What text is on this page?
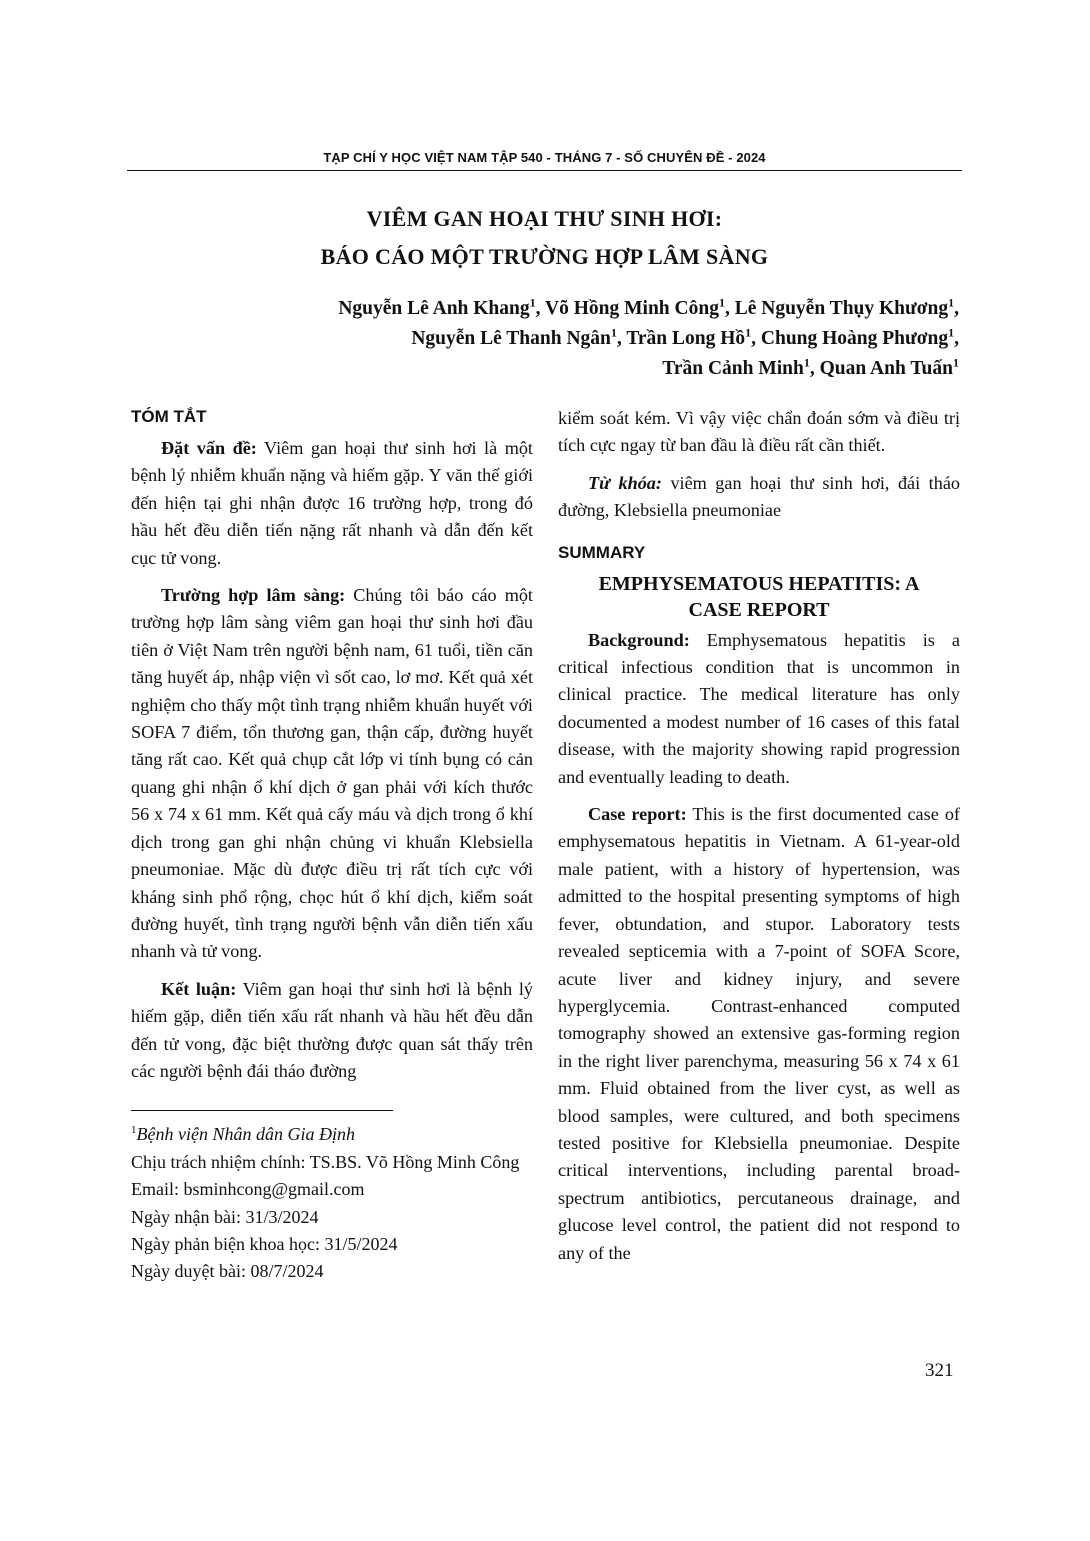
TẠP CHÍ Y HỌC VIỆT NAM TẬP 540 - THÁNG 7 - SỐ CHUYÊN ĐỀ - 2024
VIÊM GAN HOẠI THƯ SINH HƠI:
BÁO CÁO MỘT TRƯỜNG HỢP LÂM SÀNG
Nguyễn Lê Anh Khang$^1$, Võ Hồng Minh Công$^1$, Lê Nguyễn Thụy Khương$^1$,
Nguyễn Lê Thanh Ngân$^1$, Trần Long Hồ$^1$, Chung Hoàng Phương$^1$,
Trần Cảnh Minh$^1$, Quan Anh Tuấn$^1$
TÓM TẮT

Đặt vấn đề: Viêm gan hoại thư sinh hơi là một bệnh lý nhiễm khuẩn nặng và hiếm gặp. Y văn thế giới đến hiện tại ghi nhận được 16 trường hợp, trong đó hầu hết đều diễn tiến nặng rất nhanh và dẫn đến kết cục tử vong.

Trường hợp lâm sàng: Chúng tôi báo cáo một trường hợp lâm sàng viêm gan hoại thư sinh hơi đầu tiên ở Việt Nam trên người bệnh nam, 61 tuổi, tiền căn tăng huyết áp, nhập viện vì sốt cao, lơ mơ. Kết quả xét nghiệm cho thấy một tình trạng nhiễm khuẩn huyết với SOFA 7 điểm, tổn thương gan, thận cấp, đường huyết tăng rất cao. Kết quả chụp cắt lớp vi tính bụng có cản quang ghi nhận ổ khí dịch ở gan phải với kích thước 56 x 74 x 61 mm. Kết quả cấy máu và dịch trong ổ khí dịch trong gan ghi nhận chủng vi khuẩn Klebsiella pneumoniae. Mặc dù được điều trị rất tích cực với kháng sinh phổ rộng, chọc hút ổ khí dịch, kiểm soát đường huyết, tình trạng người bệnh vẫn diễn tiến xấu nhanh và tử vong.

Kết luận: Viêm gan hoại thư sinh hơi là bệnh lý hiếm gặp, diễn tiến xấu rất nhanh và hầu hết đều dẫn đến tử vong, đặc biệt thường được quan sát thấy trên các người bệnh đái tháo đường

$^1$Bệnh viện Nhân dân Gia Định

Chịu trách nhiệm chính: TS.BS. Võ Hồng Minh Công

Email: bsminhcong@gmail.com

Ngày nhận bài: 31/3/2024

Ngày phản biện khoa học: 31/5/2024

Ngày duyệt bài: 08/7/2024

kiểm soát kém. Vì vậy việc chẩn đoán sớm và điều trị tích cực ngay từ ban đầu là điều rất cần thiết.

Từ khóa: viêm gan hoại thư sinh hơi, đái tháo đường, Klebsiella pneumoniae

SUMMARY
EMPHYSEMATOUS HEPATITIS: A
CASE REPORT

Background: Emphysematous hepatitis is a critical infectious condition that is uncommon in clinical practice. The medical literature has only documented a modest number of 16 cases of this fatal disease, with the majority showing rapid progression and eventually leading to death.

Case report: This is the first documented case of emphysematous hepatitis in Vietnam. A 61-year-old male patient, with a history of hypertension, was admitted to the hospital presenting symptoms of high fever, obtundation, and stupor. Laboratory tests revealed septicemia with a 7-point of SOFA Score, acute liver and kidney injury, and severe hyperglycemia. Contrast-enhanced computed tomography showed an extensive gas-forming region in the right liver parenchyma, measuring 56 x 74 x 61 mm. Fluid obtained from the liver cyst, as well as blood samples, were cultured, and both specimens tested positive for Klebsiella pneumoniae. Despite critical interventions, including parental broad-spectrum antibiotics, percutaneous drainage, and glucose level control, the patient did not respond to any of the

321
